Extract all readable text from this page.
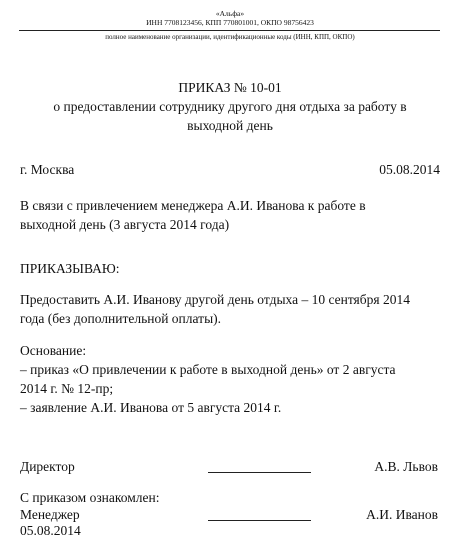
«Альфа»
ИНН 7708123456, КПП 770801001, ОКПО 98756423
полное наименование организации, идентификационные коды (ИНН, КПП, ОКПО)
ПРИКАЗ № 10-01
о предоставлении сотруднику другого дня отдыха за работу в
выходной день
г. Москва	05.08.2014
В связи с привлечением менеджера А.И. Иванова к работе в
выходной день (3 августа 2014 года)
ПРИКАЗЫВАЮ:
Предоставить А.И. Иванову другой день отдыха – 10 сентября 2014
года (без дополнительной оплаты).
Основание:
– приказ «О привлечении к работе в выходной день» от 2 августа
2014 г. № 12-пр;
– заявление А.И. Иванова от 5 августа 2014 г.
Директор	А.В. Львов
С приказом ознакомлен:
Менеджер	А.И. Иванов
05.08.2014
